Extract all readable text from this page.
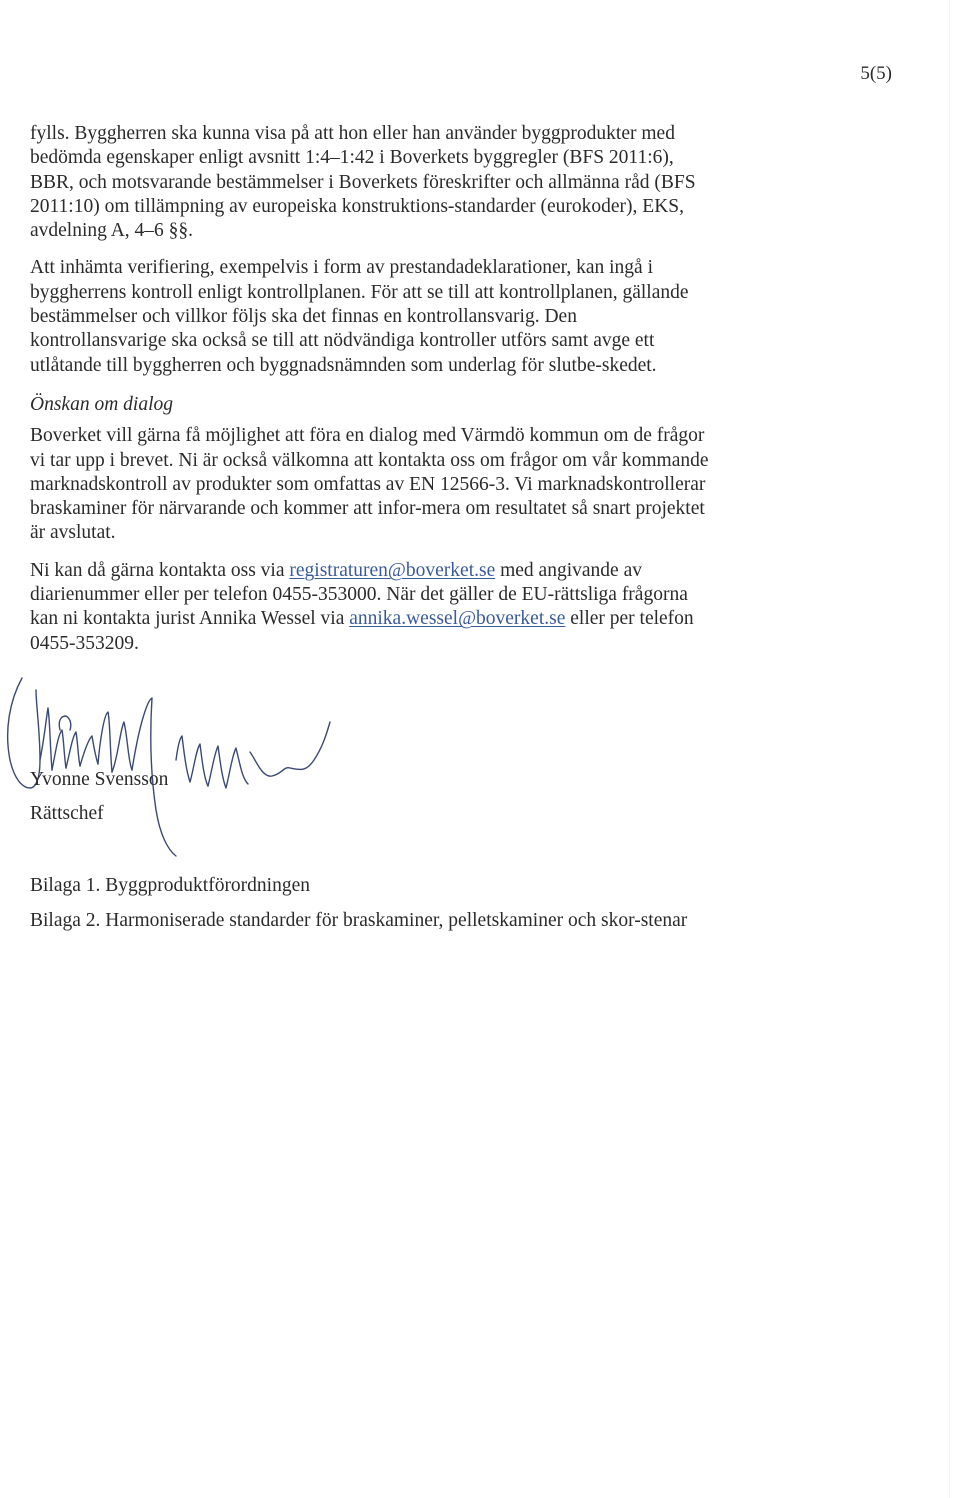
5(5)

fylls. Byggherren ska kunna visa på att hon eller han använder byggprodukter med bedömda egenskaper enligt avsnitt 1:4–1:42 i Boverkets byggregler (BFS 2011:6), BBR, och motsvarande bestämmelser i Boverkets föreskrifter och allmänna råd (BFS 2011:10) om tillämpning av europeiska konstruktions-standarder (eurokoder), EKS, avdelning A, 4–6 §§.

Att inhämta verifiering, exempelvis i form av prestandadeklarationer, kan ingå i byggherrens kontroll enligt kontrollplanen. För att se till att kontrollplanen, gällande bestämmelser och villkor följs ska det finnas en kontrollansvarig. Den kontrollansvarige ska också se till att nödvändiga kontroller utförs samt avge ett utlåtande till byggherren och byggnadsnämnden som underlag för slutbe-skedet.

Önskan om dialog

Boverket vill gärna få möjlighet att föra en dialog med Värmdö kommun om de frågor vi tar upp i brevet. Ni är också välkomna att kontakta oss om frågor om vår kommande marknadskontroll av produkter som omfattas av EN 12566-3. Vi marknadskontrollerar braskaminer för närvarande och kommer att infor-mera om resultatet så snart projektet är avslutat.

Ni kan då gärna kontakta oss via registraturen@boverket.se med angivande av diarienummer eller per telefon 0455-353000. När det gäller de EU-rättsliga frågorna kan ni kontakta jurist Annika Wessel via annika.wessel@boverket.se eller per telefon 0455-353209.

Yvonne Svensson
Rättschef

Bilaga 1. Byggproduktförordningen

Bilaga 2. Harmoniserade standarder för braskaminer, pelletskaminer och skor-stenar
